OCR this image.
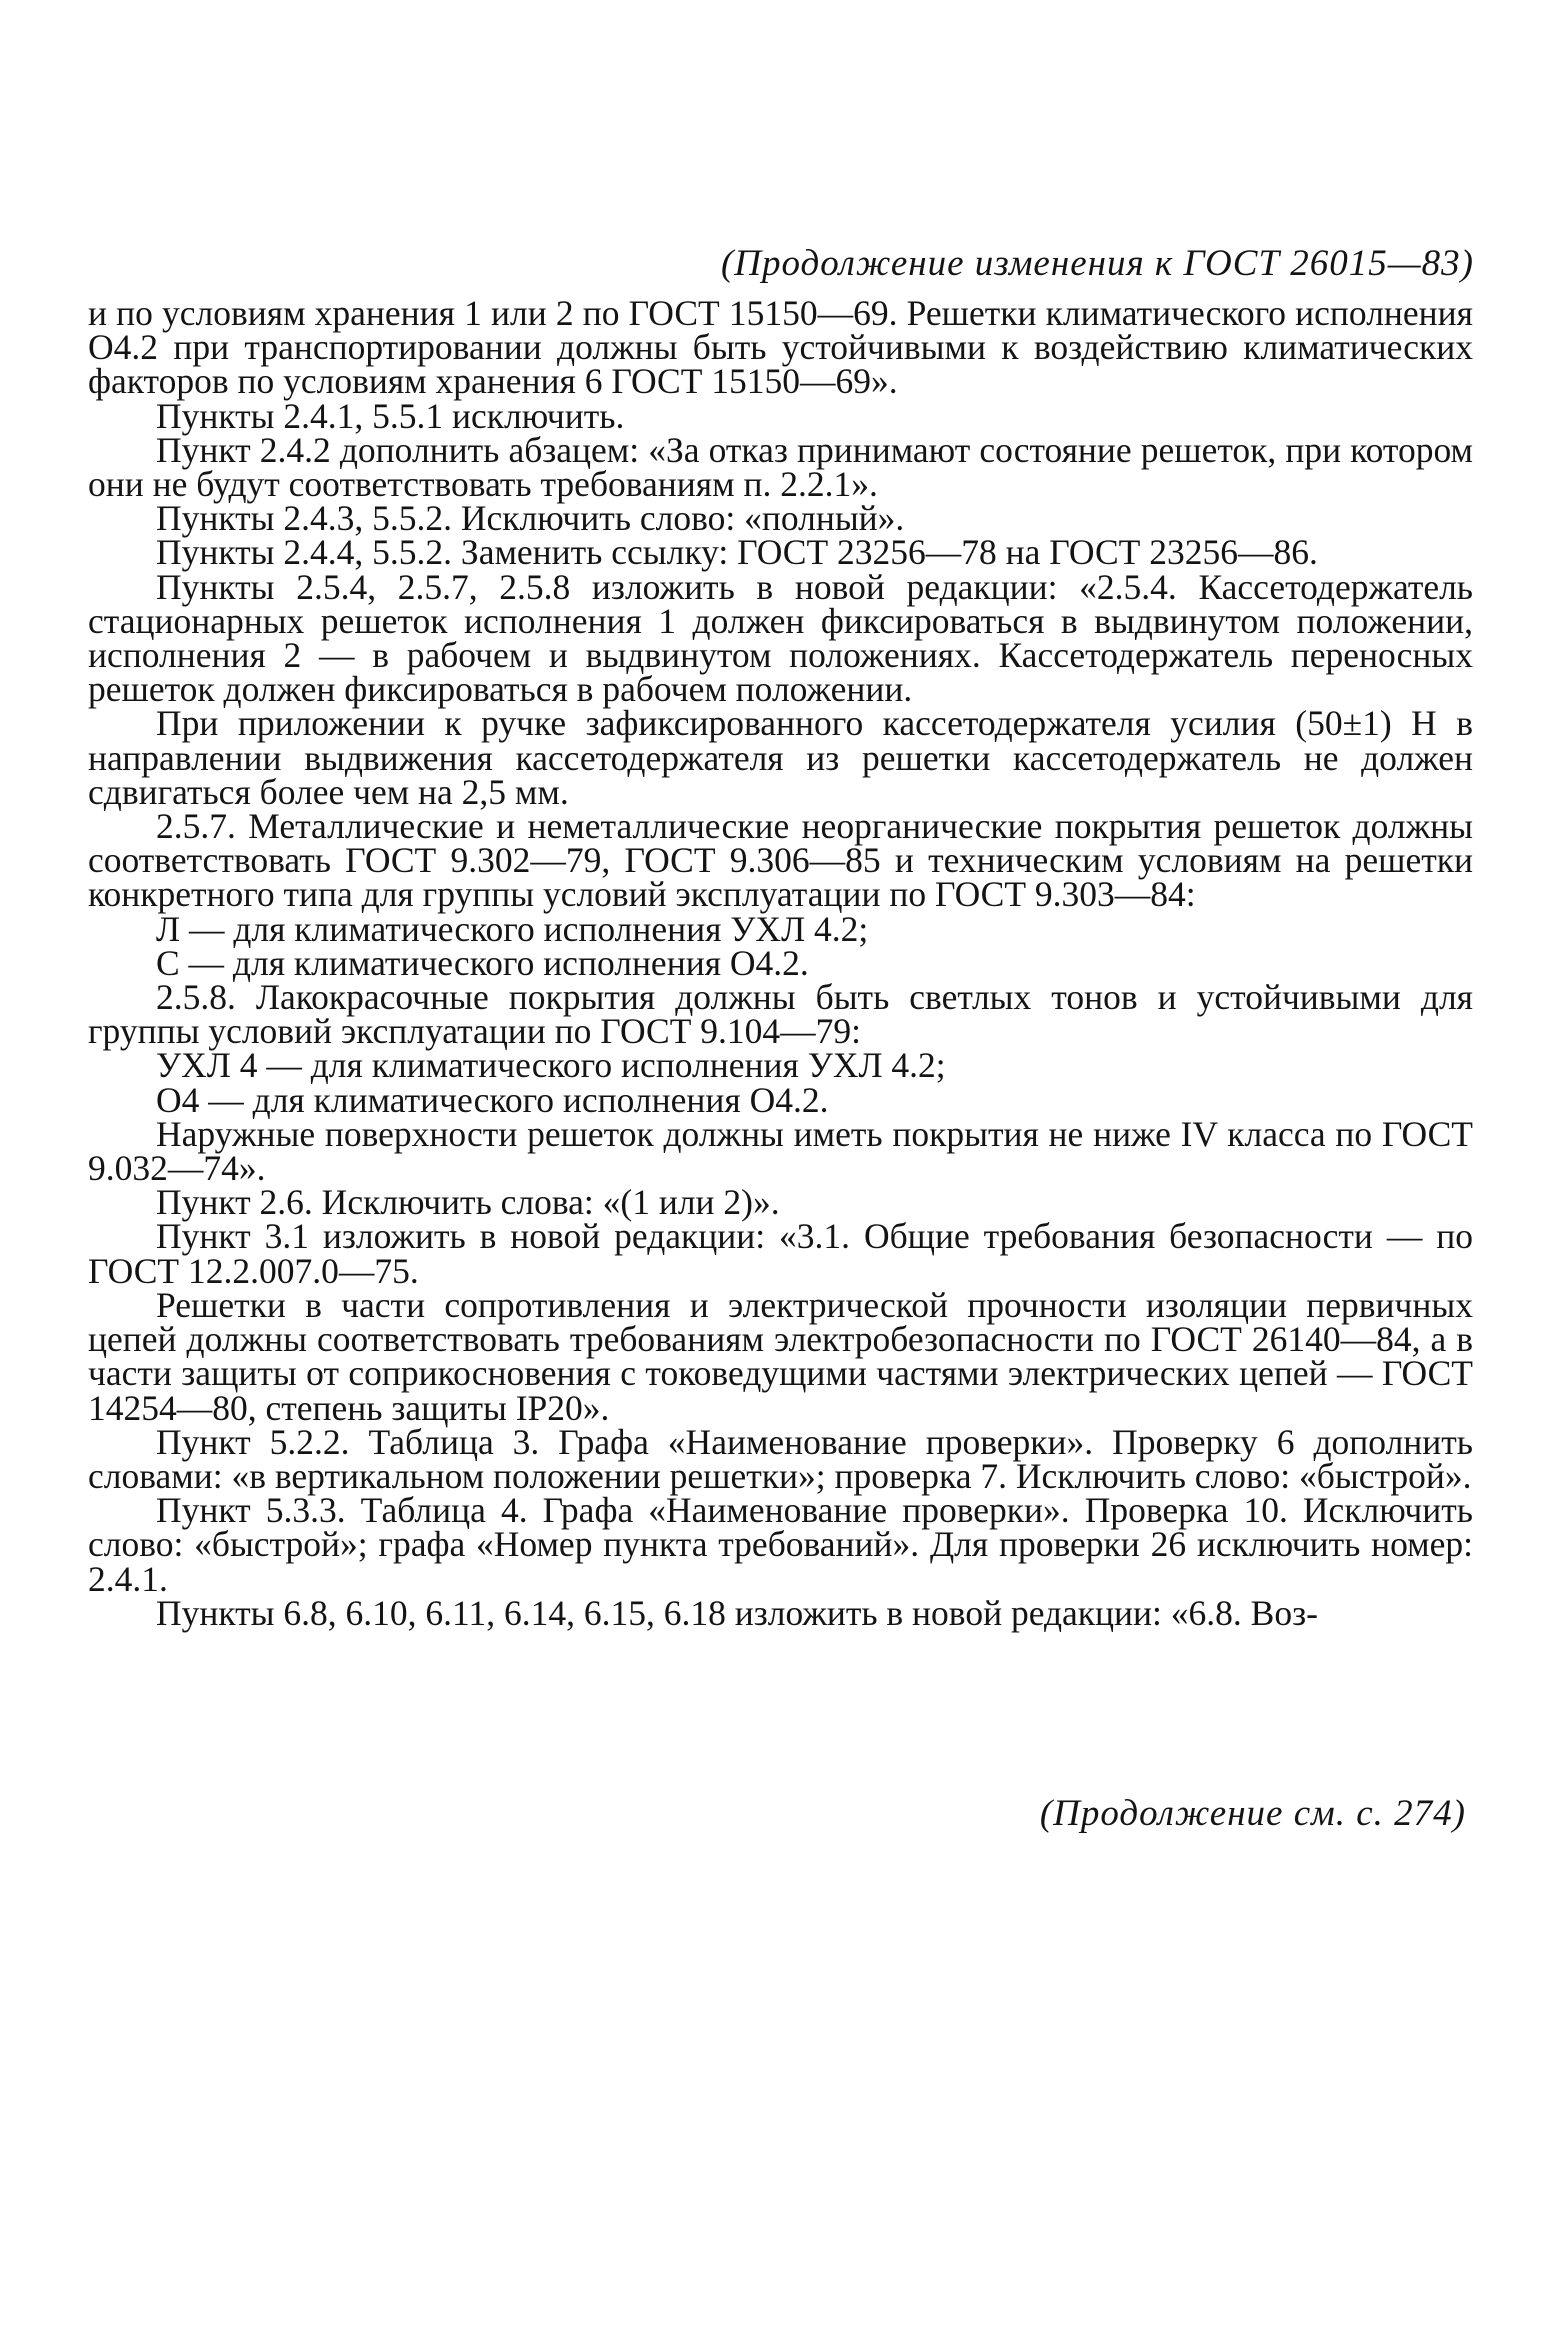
(Продолжение изменения к ГОСТ 26015—83)

и по условиям хранения 1 или 2 по ГОСТ 15150—69. Решетки климатического исполнения О4.2 при транспортировании должны быть устойчивыми к воздействию климатических факторов по условиям хранения 6 ГОСТ 15150—69».

Пункты 2.4.1, 5.5.1 исключить.

Пункт 2.4.2 дополнить абзацем: «За отказ принимают состояние решеток, при котором они не будут соответствовать требованиям п. 2.2.1».

Пункты 2.4.3, 5.5.2. Исключить слово: «полный».

Пункты 2.4.4, 5.5.2. Заменить ссылку: ГОСТ 23256—78 на ГОСТ 23256—86.

Пункты 2.5.4, 2.5.7, 2.5.8 изложить в новой редакции: «2.5.4. Кассетодержатель стационарных решеток исполнения 1 должен фиксироваться в выдвинутом положении, исполнения 2 — в рабочем и выдвинутом положениях. Кассетодержатель переносных решеток должен фиксироваться в рабочем положении.

При приложении к ручке зафиксированного кассетодержателя усилия (50±1) Н в направлении выдвижения кассетодержателя из решетки кассетодержатель не должен сдвигаться более чем на 2,5 мм.

2.5.7. Металлические и неметаллические неорганические покрытия решеток должны соответствовать ГОСТ 9.302—79, ГОСТ 9.306—85 и техническим условиям на решетки конкретного типа для группы условий эксплуатации по ГОСТ 9.303—84:

Л — для климатического исполнения УХЛ 4.2;

С — для климатического исполнения О4.2.

2.5.8. Лакокрасочные покрытия должны быть светлых тонов и устойчивыми для группы условий эксплуатации по ГОСТ 9.104—79:

УХЛ 4 — для климатического исполнения УХЛ 4.2;

О4 — для климатического исполнения О4.2.

Наружные поверхности решеток должны иметь покрытия не ниже IV класса по ГОСТ 9.032—74».

Пункт 2.6. Исключить слова: «(1 или 2)».

Пункт 3.1 изложить в новой редакции: «3.1. Общие требования безопасности — по ГОСТ 12.2.007.0—75.

Решетки в части сопротивления и электрической прочности изоляции первичных цепей должны соответствовать требованиям электробезопасности по ГОСТ 26140—84, а в части защиты от соприкосновения с токоведущими частями электрических цепей — ГОСТ 14254—80, степень защиты IP20».

Пункт 5.2.2. Таблица 3. Графа «Наименование проверки». Проверку 6 дополнить словами: «в вертикальном положении решетки»; проверка 7. Исключить слово: «быстрой».

Пункт 5.3.3. Таблица 4. Графа «Наименование проверки». Проверка 10. Исключить слово: «быстрой»; графа «Номер пункта требований». Для проверки 26 исключить номер: 2.4.1.

Пункты 6.8, 6.10, 6.11, 6.14, 6.15, 6.18 изложить в новой редакции: «6.8. Воз-

(Продолжение см. с. 274)
